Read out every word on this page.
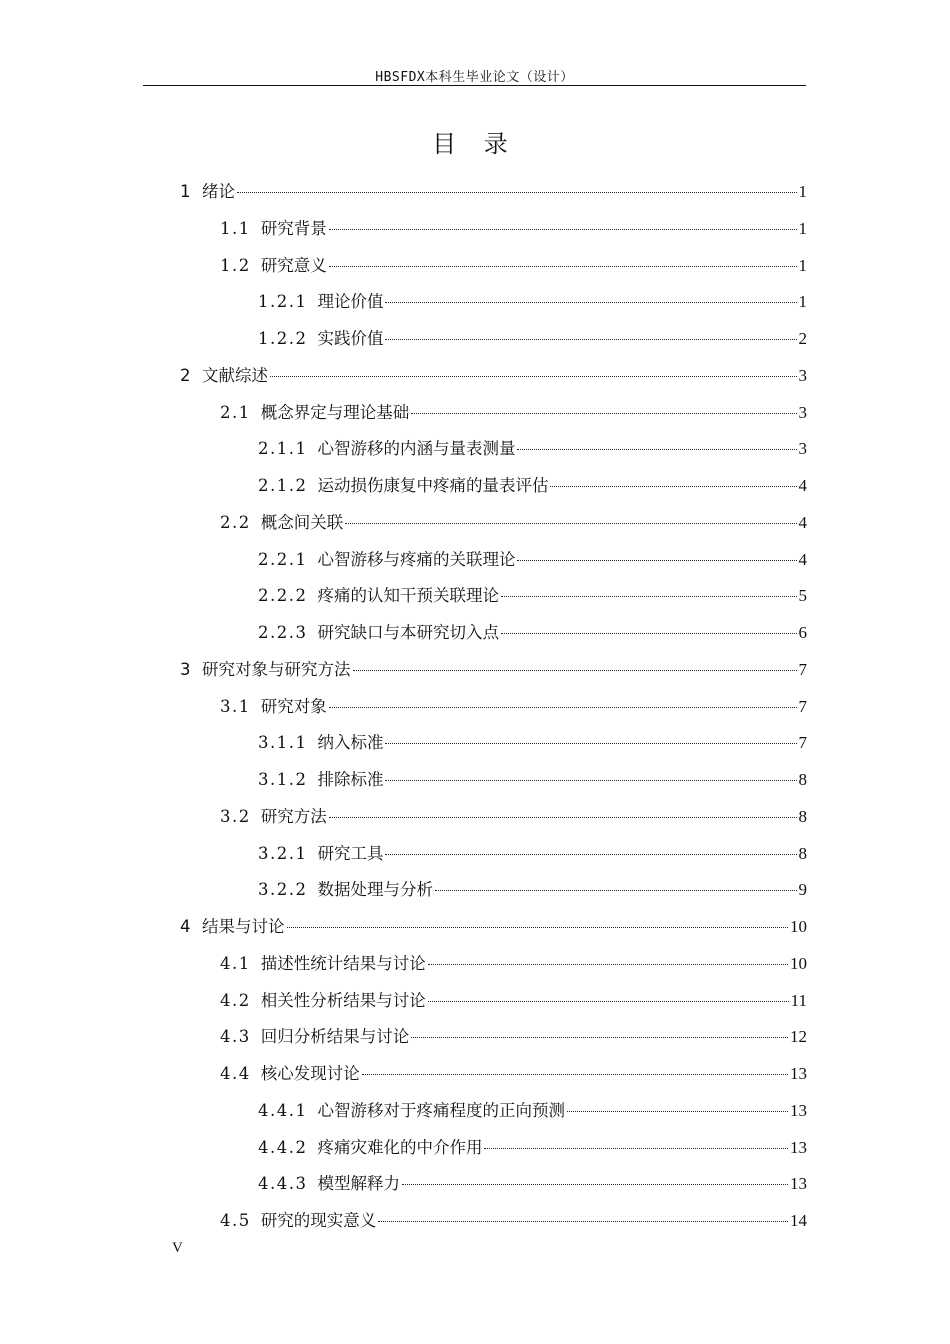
HBSFDX本科生毕业论文（设计）
目 录
1 绪论	1
1.1 研究背景	1
1.2 研究意义	1
1.2.1 理论价值	1
1.2.2 实践价值	2
2 文献综述	3
2.1 概念界定与理论基础	3
2.1.1 心智游移的内涵与量表测量	3
2.1.2 运动损伤康复中疼痛的量表评估	4
2.2 概念间关联	4
2.2.1 心智游移与疼痛的关联理论	4
2.2.2 疼痛的认知干预关联理论	5
2.2.3 研究缺口与本研究切入点	6
3 研究对象与研究方法	7
3.1 研究对象	7
3.1.1 纳入标准	7
3.1.2 排除标准	8
3.2 研究方法	8
3.2.1 研究工具	8
3.2.2 数据处理与分析	9
4 结果与讨论	10
4.1 描述性统计结果与讨论	10
4.2 相关性分析结果与讨论	11
4.3 回归分析结果与讨论	12
4.4 核心发现讨论	13
4.4.1 心智游移对于疼痛程度的正向预测	13
4.4.2 疼痛灾难化的中介作用	13
4.4.3 模型解释力	13
4.5 研究的现实意义	14
V
